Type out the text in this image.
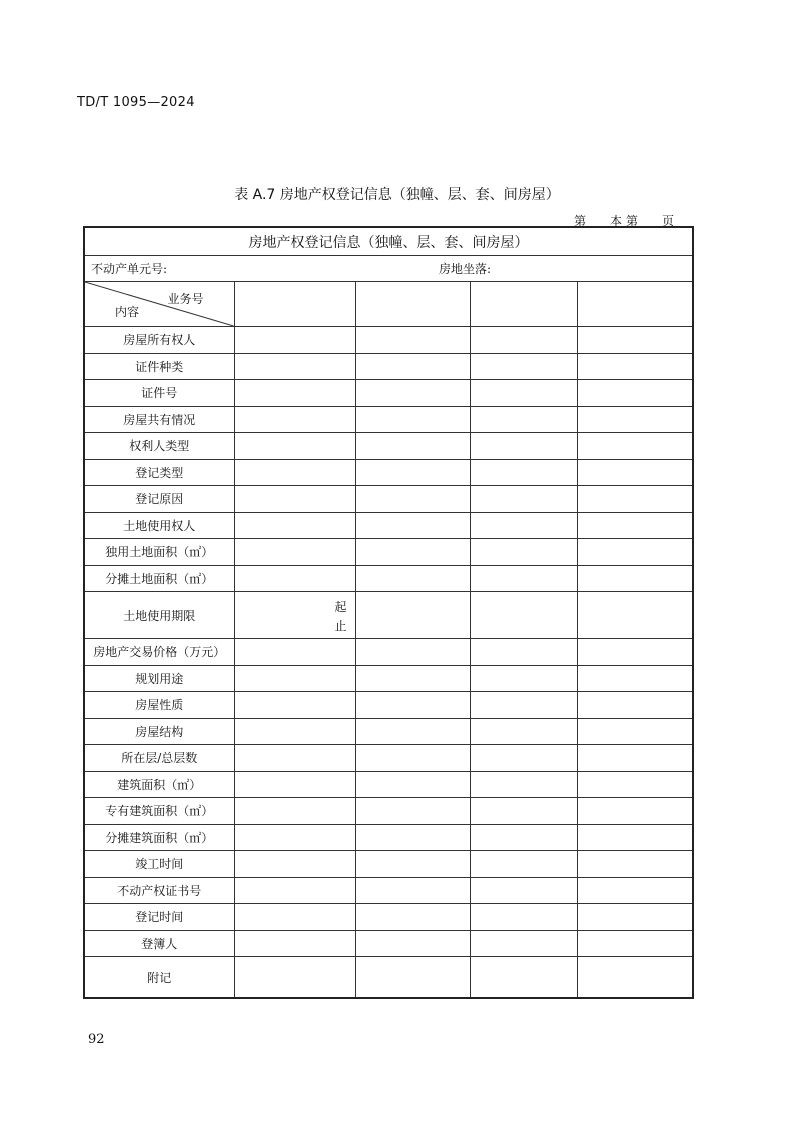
TD/T 1095—2024
表 A.7 房地产权登记信息（独幢、层、套、间房屋）
第 本 第 页
房地产权登记信息（独幢、层、套、间房屋）				
不动产单元号: 房地坐落:				

业务号
内容				

房屋所有权人				
证件种类				
证件号				
房屋共有情况				
权利人类型				
登记类型				
登记原因				
土地使用权人				
独用土地面积（㎡）				
分摊土地面积（㎡）				
土地使用期限	起
止			

房地产交易价格（万元）				
规划用途				
房屋性质				
房屋结构				
所在层/总层数				
建筑面积（㎡）				
专有建筑面积（㎡）				
分摊建筑面积（㎡）				
竣工时间				
不动产权证书号				
登记时间				
登簿人				
附记				
92
